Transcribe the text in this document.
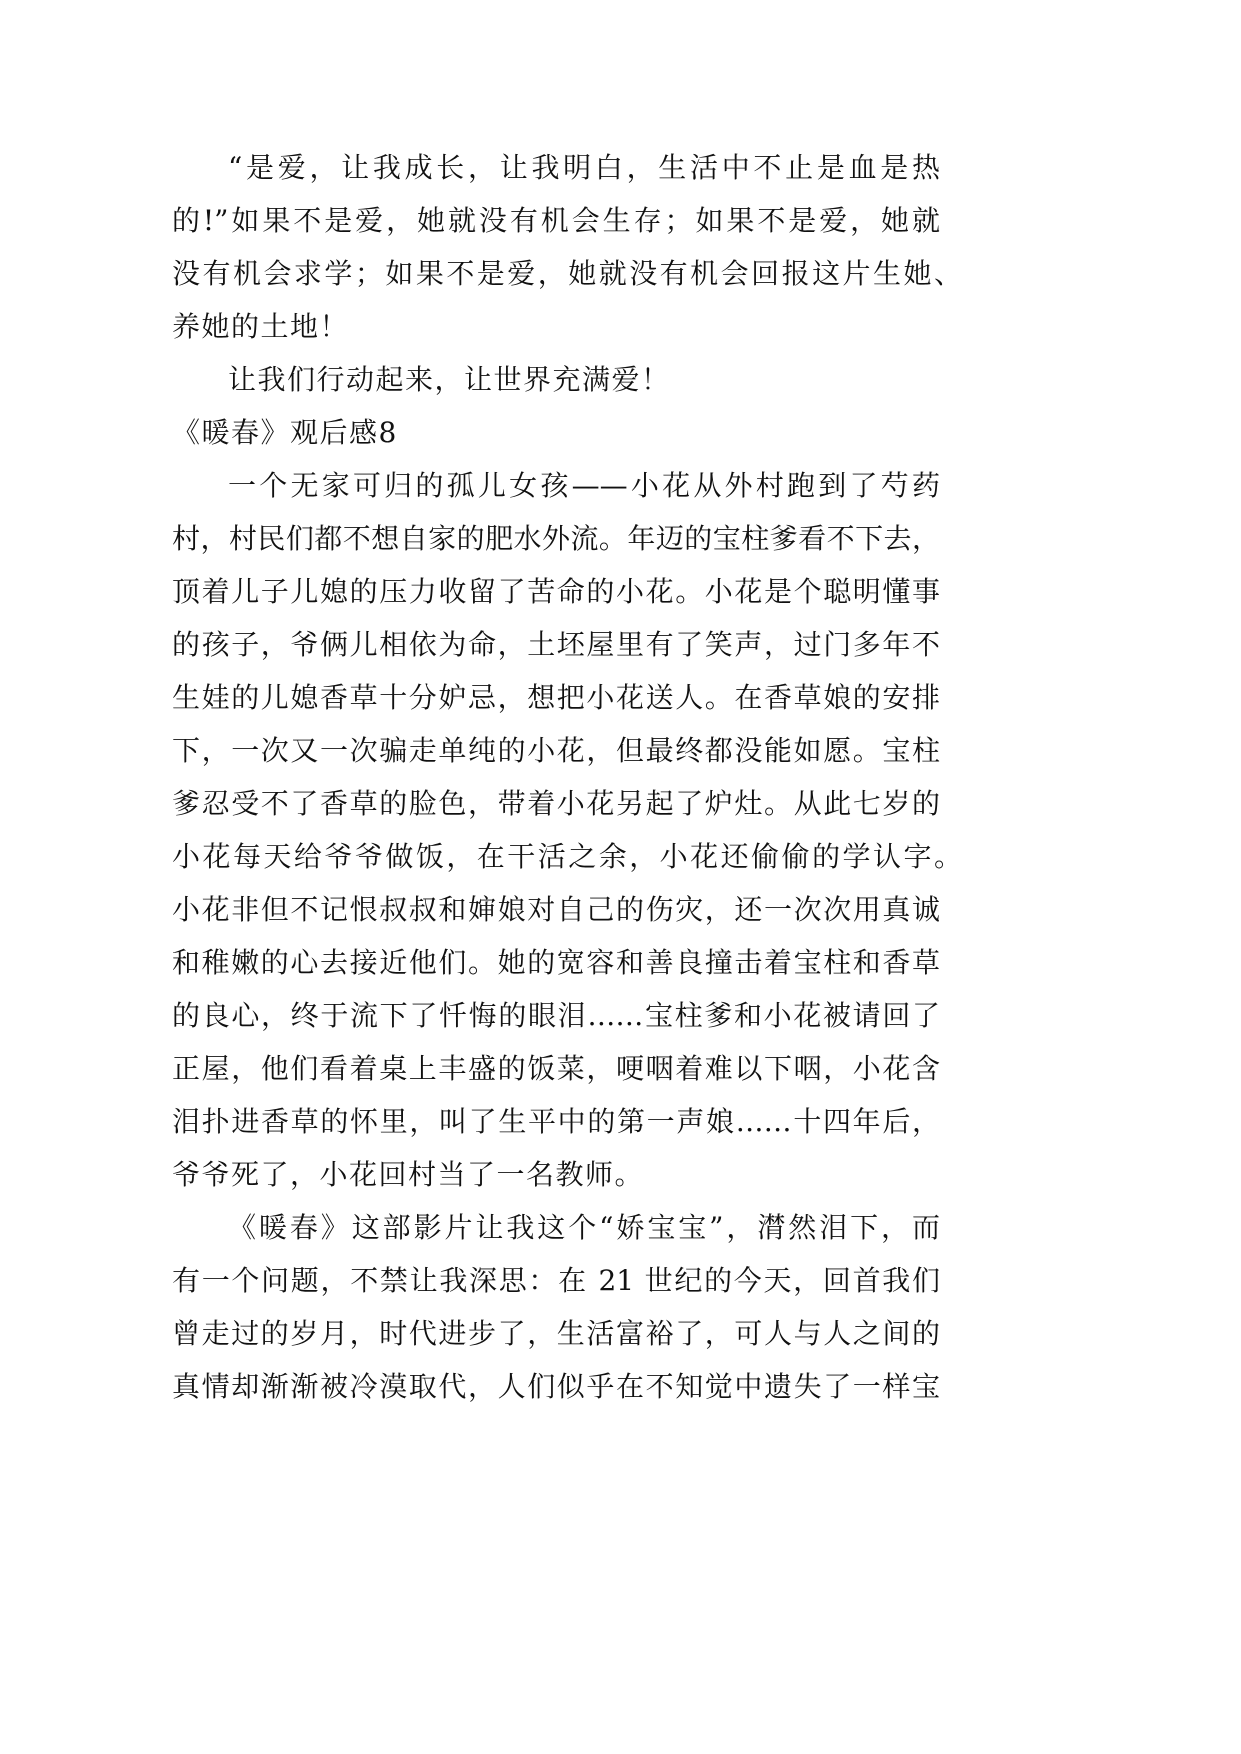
“是爱，让我成长，让我明白，生活中不止是血是热
的!”如果不是爱，她就没有机会生存；如果不是爱，她就
没有机会求学；如果不是爱，她就没有机会回报这片生她、
养她的土地！
让我们行动起来，让世界充满爱！
《暖春》观后感8
一个无家可归的孤儿女孩——小花从外村跑到了芍药
村，村民们都不想自家的肥水外流。年迈的宝柱爹看不下去，
顶着儿子儿媳的压力收留了苦命的小花。小花是个聪明懂事
的孩子，爷俩儿相依为命，土坯屋里有了笑声，过门多年不
生娃的儿媳香草十分妒忌，想把小花送人。在香草娘的安排
下，一次又一次骗走单纯的小花，但最终都没能如愿。宝柱
爹忍受不了香草的脸色，带着小花另起了炉灶。从此七岁的
小花每天给爷爷做饭，在干活之余，小花还偷偷的学认字。
小花非但不记恨叔叔和婶娘对自己的伤灾，还一次次用真诚
和稚嫩的心去接近他们。她的宽容和善良撞击着宝柱和香草
的良心，终于流下了忏悔的眼泪……宝柱爹和小花被请回了
正屋，他们看着桌上丰盛的饭菜，哽咽着难以下咽，小花含
泪扑进香草的怀里，叫了生平中的第一声娘……十四年后，
爷爷死了，小花回村当了一名教师。
《暖春》这部影片让我这个“娇宝宝”，潸然泪下，而
有一个问题，不禁让我深思：在 21 世纪的今天，回首我们
曾走过的岁月，时代进步了，生活富裕了，可人与人之间的
真情却渐渐被冷漠取代，人们似乎在不知觉中遗失了一样宝
